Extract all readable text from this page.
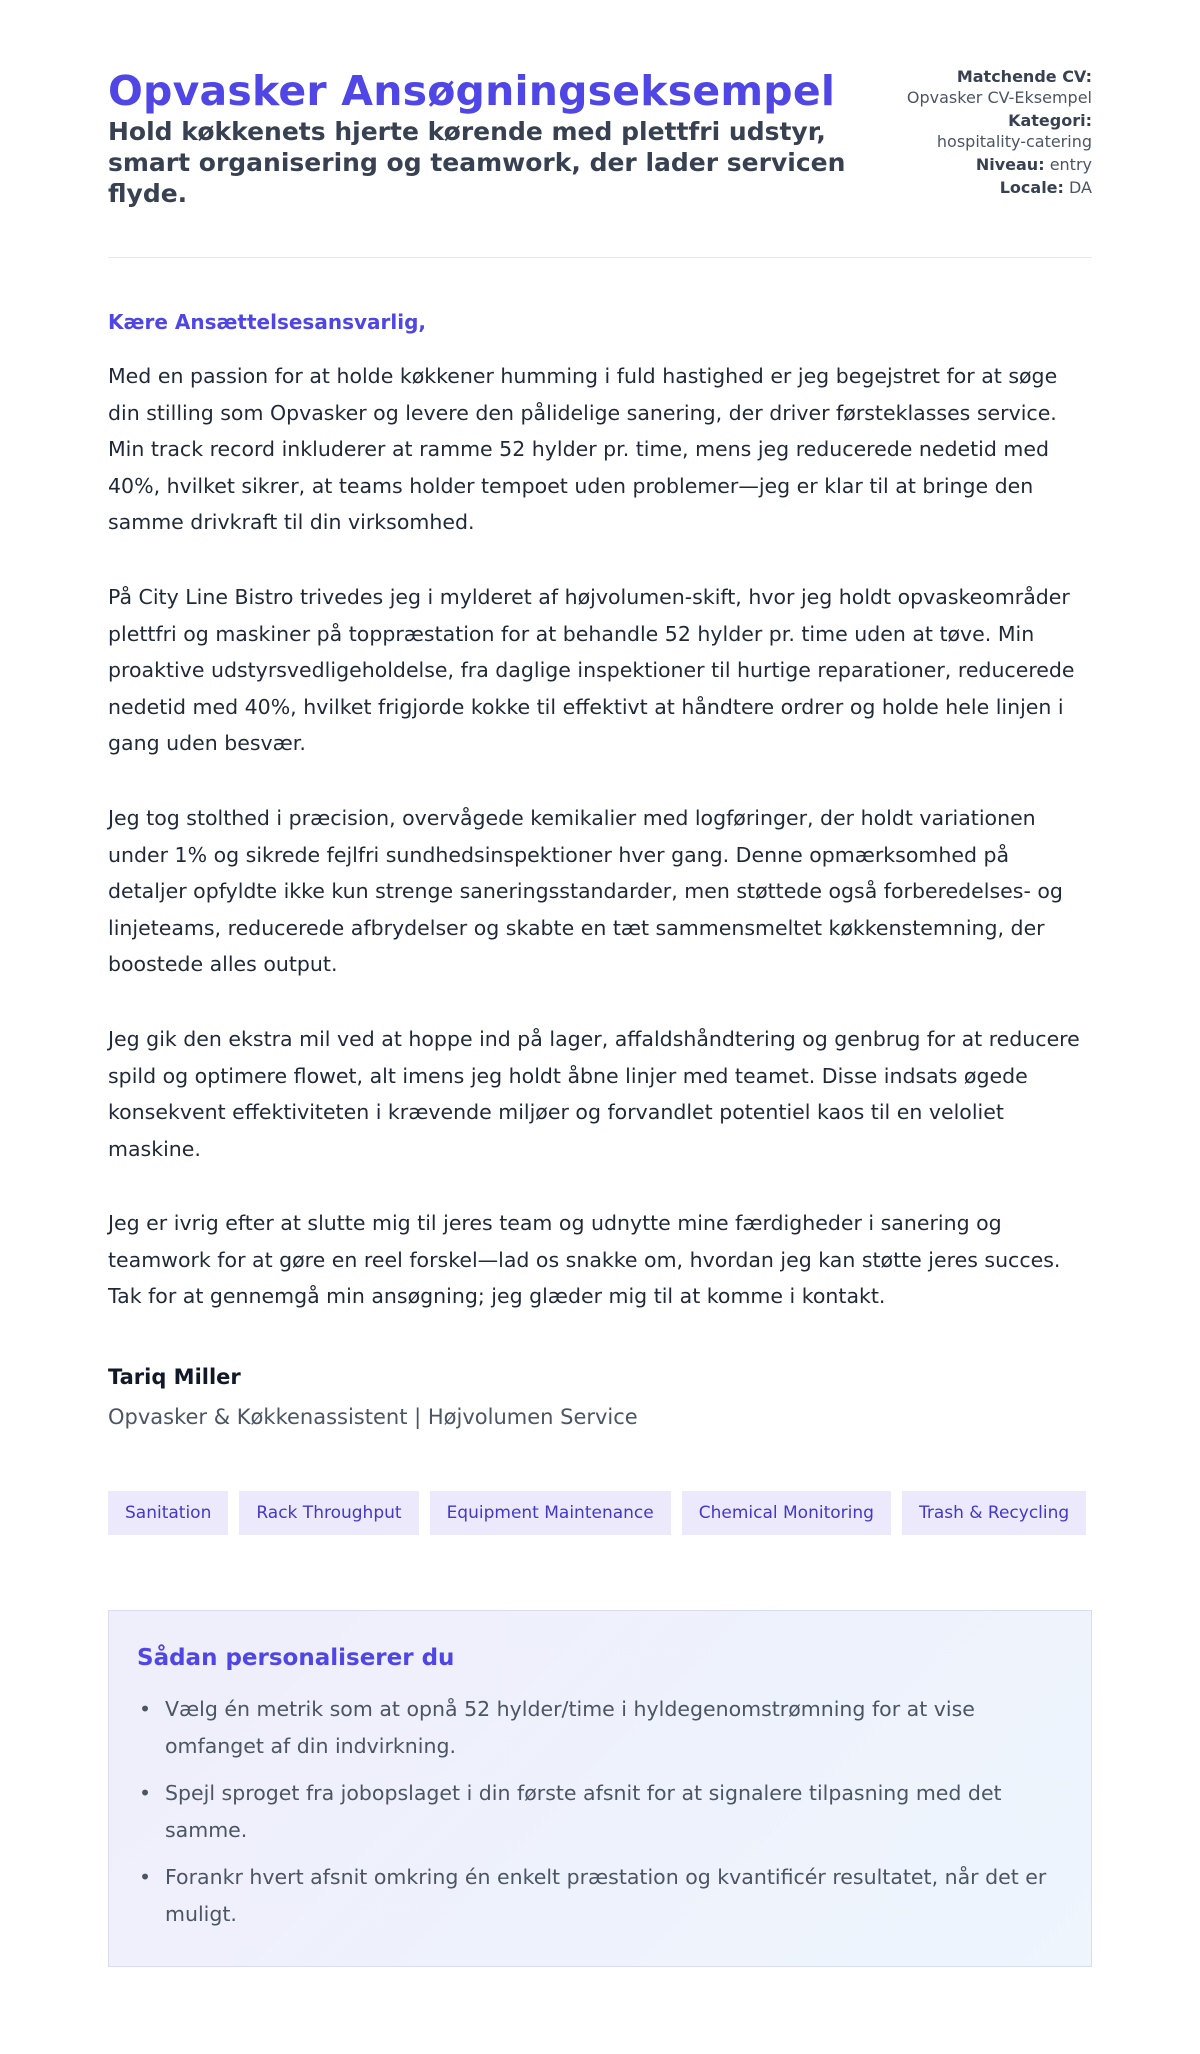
Opvasker Ansøgningseksempel
Hold køkkenets hjerte kørende med plettfri udstyr, smart organisering og teamwork, der lader servicen flyde.
Matchende CV:
Opvasker CV-Eksempel
Kategori:
hospitality-catering
Niveau: entry
Locale: DA

Kære Ansættelsesansvarlig,

Med en passion for at holde køkkener humming i fuld hastighed er jeg begejstret for at søge din stilling som Opvasker og levere den pålidelige sanering, der driver førsteklasses service. Min track record inkluderer at ramme 52 hylder pr. time, mens jeg reducerede nedetid med 40%, hvilket sikrer, at teams holder tempoet uden problemer—jeg er klar til at bringe den samme drivkraft til din virksomhed.

På City Line Bistro trivedes jeg i mylderet af højvolumen-skift, hvor jeg holdt opvaskeområder plettfri og maskiner på toppræstation for at behandle 52 hylder pr. time uden at tøve. Min proaktive udstyrsvedligeholdelse, fra daglige inspektioner til hurtige reparationer, reducerede nedetid med 40%, hvilket frigjorde kokke til effektivt at håndtere ordrer og holde hele linjen i gang uden besvær.

Jeg tog stolthed i præcision, overvågede kemikalier med logføringer, der holdt variationen under 1% og sikrede fejlfri sundhedsinspektioner hver gang. Denne opmærksomhed på detaljer opfyldte ikke kun strenge saneringsstandarder, men støttede også forberedelses- og linjeteams, reducerede afbrydelser og skabte en tæt sammensmeltet køkkenstemning, der boostede alles output.

Jeg gik den ekstra mil ved at hoppe ind på lager, affaldshåndtering og genbrug for at reducere spild og optimere flowet, alt imens jeg holdt åbne linjer med teamet. Disse indsats øgede konsekvent effektiviteten i krævende miljøer og forvandlet potentiel kaos til en veloliet maskine.

Jeg er ivrig efter at slutte mig til jeres team og udnytte mine færdigheder i sanering og teamwork for at gøre en reel forskel—lad os snakke om, hvordan jeg kan støtte jeres succes. Tak for at gennemgå min ansøgning; jeg glæder mig til at komme i kontakt.

Tariq Miller

Opvasker & Køkkenassistent | Højvolumen Service

Sanitation	Rack Throughput	Equipment Maintenance	Chemical Monitoring	Trash & Recycling
Sådan personaliserer du
• Vælg én metrik som at opnå 52 hylder/time i hyldegenomstrømning for at vise omfanget af din indvirkning.
• Spejl sproget fra jobopslaget i din første afsnit for at signalere tilpasning med det samme.
• Forankr hvert afsnit omkring én enkelt præstation og kvantificér resultatet, når det er muligt.
